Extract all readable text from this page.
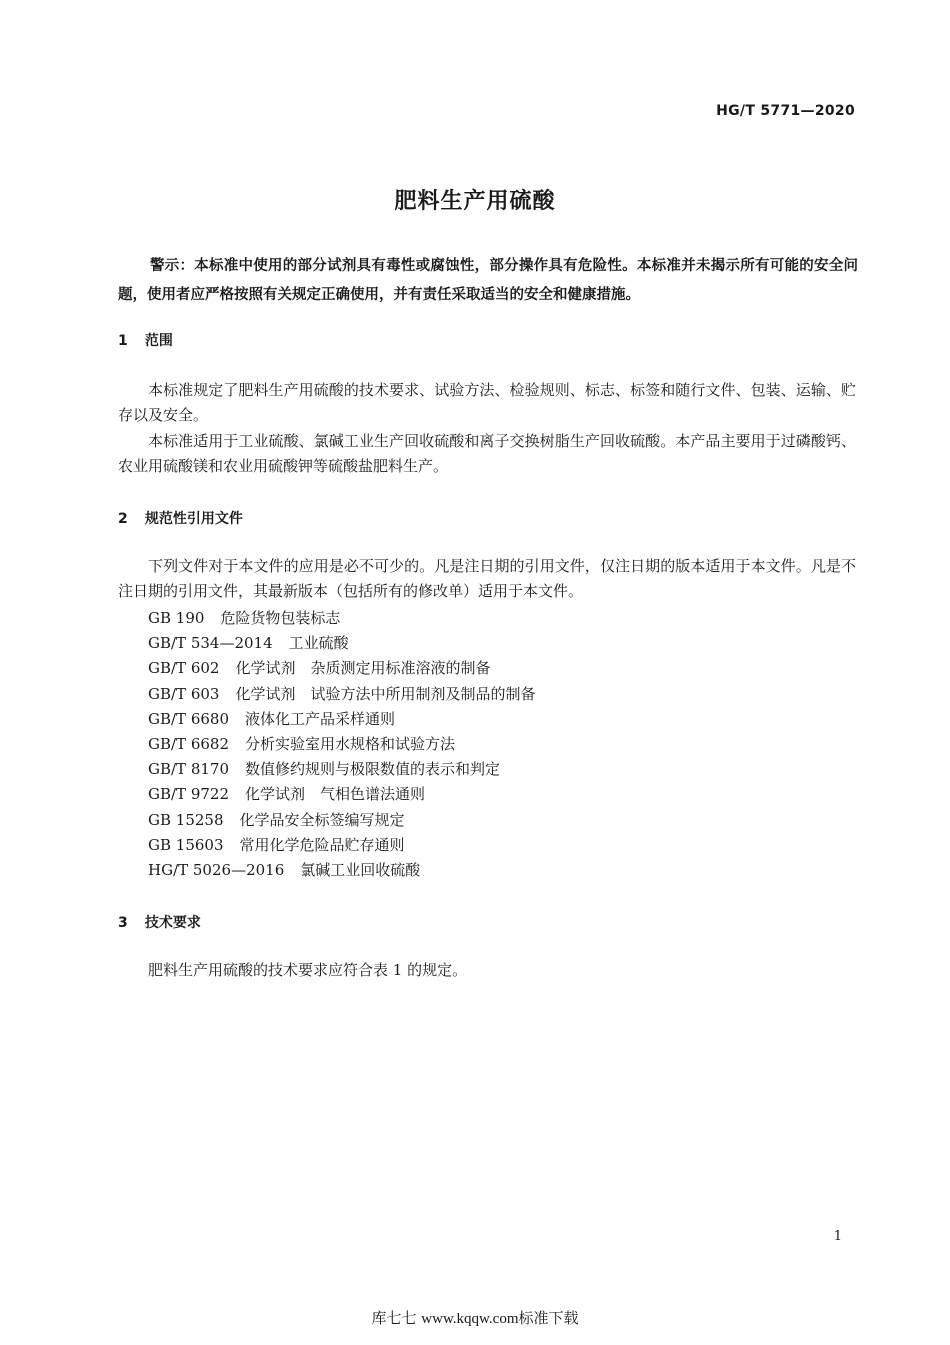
HG/T 5771—2020
肥料生产用硫酸
警示：本标准中使用的部分试剂具有毒性或腐蚀性，部分操作具有危险性。本标准并未揭示所有可能的安全问题，使用者应严格按照有关规定正确使用，并有责任采取适当的安全和健康措施。
1 范围
本标准规定了肥料生产用硫酸的技术要求、试验方法、检验规则、标志、标签和随行文件、包装、运输、贮存以及安全。
本标准适用于工业硫酸、氯碱工业生产回收硫酸和离子交换树脂生产回收硫酸。本产品主要用于过磷酸钙、农业用硫酸镁和农业用硫酸钾等硫酸盐肥料生产。
2 规范性引用文件
下列文件对于本文件的应用是必不可少的。凡是注日期的引用文件，仅注日期的版本适用于本文件。凡是不注日期的引用文件，其最新版本（包括所有的修改单）适用于本文件。
GB 190 危险货物包装标志
GB/T 534—2014 工业硫酸
GB/T 602 化学试剂　杂质测定用标准溶液的制备
GB/T 603 化学试剂　试验方法中所用制剂及制品的制备
GB/T 6680 液体化工产品采样通则
GB/T 6682 分析实验室用水规格和试验方法
GB/T 8170 数值修约规则与极限数值的表示和判定
GB/T 9722 化学试剂　气相色谱法通则
GB 15258 化学品安全标签编写规定
GB 15603 常用化学危险品贮存通则
HG/T 5026—2016 氯碱工业回收硫酸
3 技术要求
肥料生产用硫酸的技术要求应符合表 1 的规定。
1
库七七 www.kqqw.com标准下载
